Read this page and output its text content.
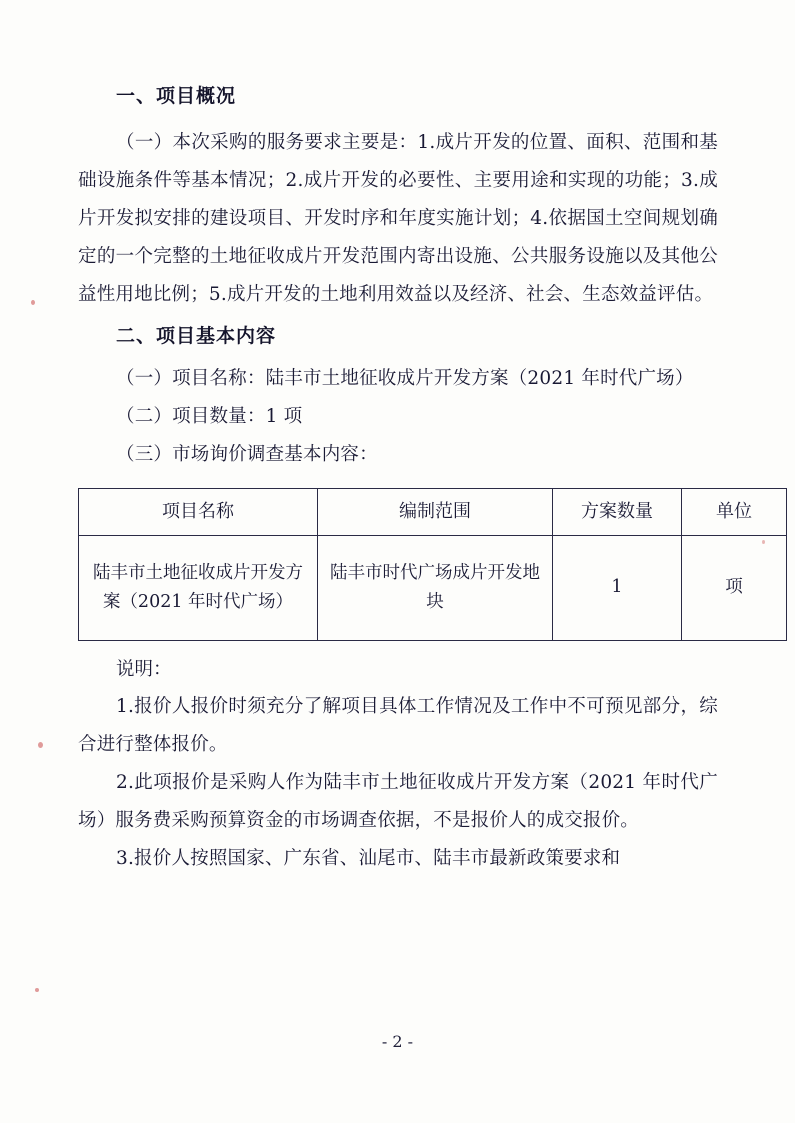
一、项目概况

（一）本次采购的服务要求主要是：1.成片开发的位置、面积、范围和基础设施条件等基本情况；2.成片开发的必要性、主要用途和实现的功能；3.成片开发拟安排的建设项目、开发时序和年度实施计划；4.依据国土空间规划确定的一个完整的土地征收成片开发范围内寄出设施、公共服务设施以及其他公益性用地比例；5.成片开发的土地利用效益以及经济、社会、生态效益评估。

二、项目基本内容

（一）项目名称：陆丰市土地征收成片开发方案（2021 年时代广场）

（二）项目数量：1 项

（三）市场询价调查基本内容：

项目名称	编制范围	方案数量	单位
陆丰市土地征收成片开发方案（2021 年时代广场）	陆丰市时代广场成片开发地块	1	项

说明：

1.报价人报价时须充分了解项目具体工作情况及工作中不可预见部分，综合进行整体报价。

2.此项报价是采购人作为陆丰市土地征收成片开发方案（2021 年时代广场）服务费采购预算资金的市场调查依据，不是报价人的成交报价。

3.报价人按照国家、广东省、汕尾市、陆丰市最新政策要求和

- 2 -
